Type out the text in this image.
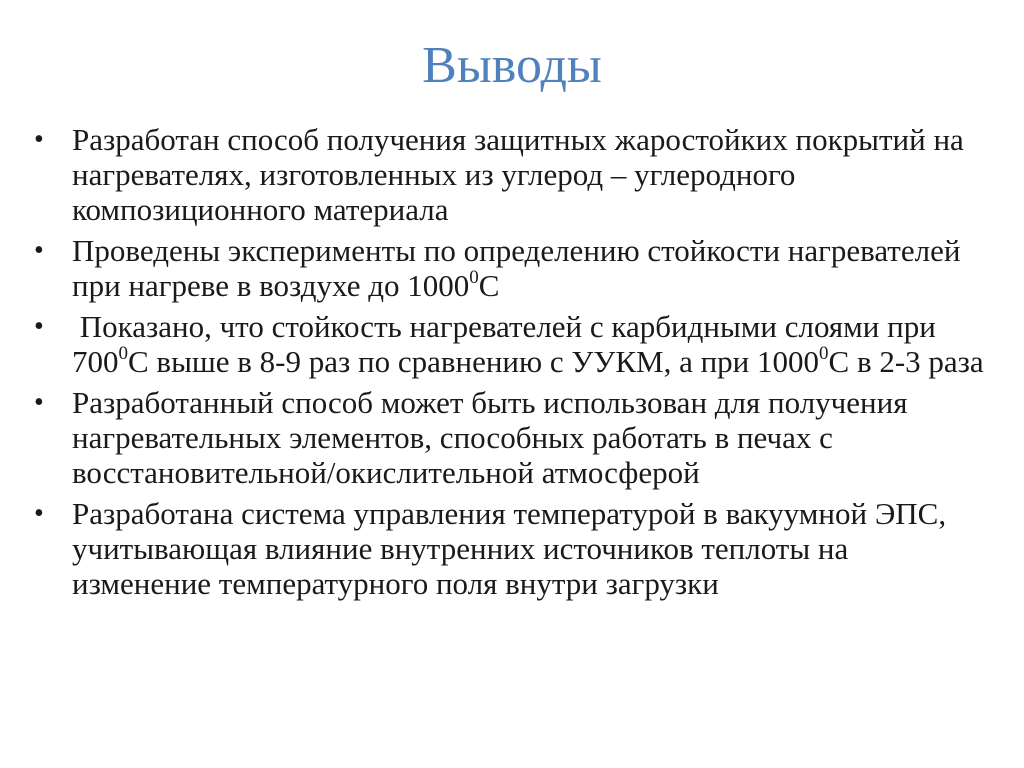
Выводы
• Разработан способ получения защитных жаростойких покрытий на нагревателях, изготовленных из углерод – углеродного композиционного материала
• Проведены эксперименты по определению стойкости нагревателей при нагреве в воздухе до 1000$^0$С
• Показано, что стойкость нагревателей с карбидными слоями при $700^0С$ выше в 8-9 раз по сравнению с УУКМ, а при 1000$^0$С в 2-3 раза
• Разработанный способ может быть использован для получения нагревательных элементов, способных работать в печах с восстановительной/окислительной атмосферой
• Разработана система управления температурой в вакуумной ЭПС, учитывающая влияние внутренних источников теплоты на изменение температурного поля внутри загрузки
